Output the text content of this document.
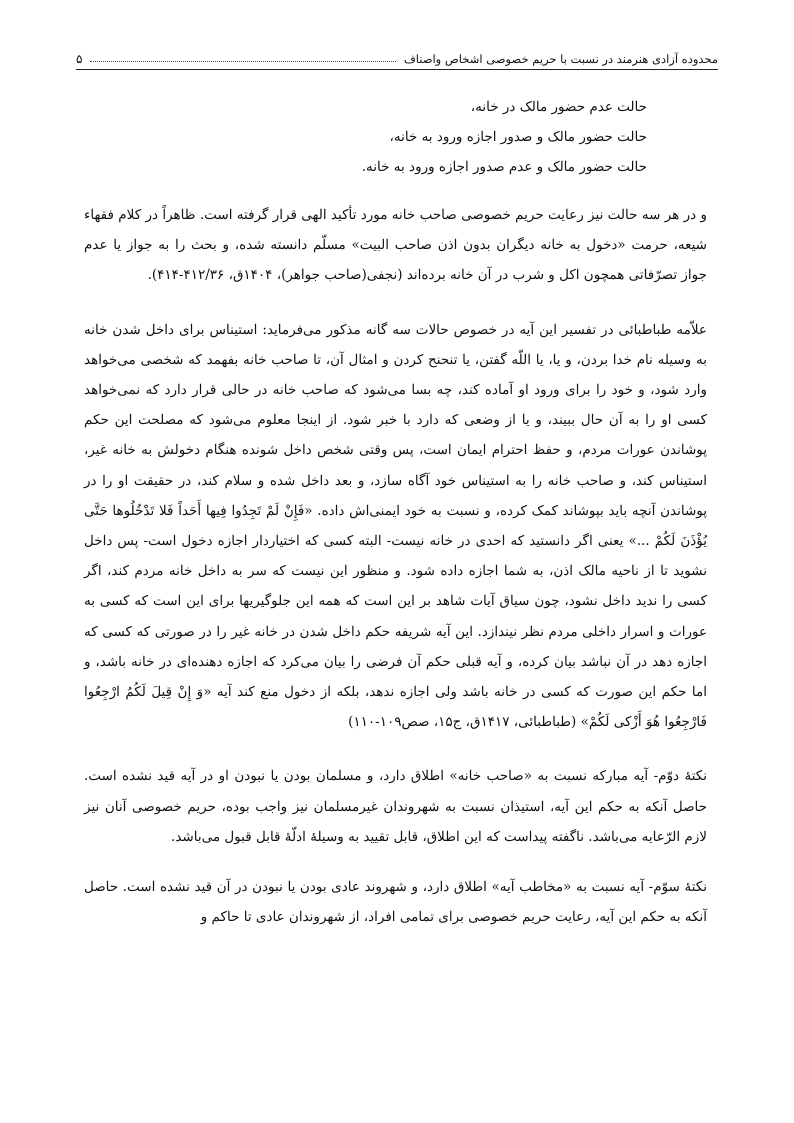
محدوده آزادی هنرمند در نسبت با حریم خصوصی اشخاص واصناف
۵
حالت عدم حضور مالک در خانه،
حالت حضور مالک و صدور اجازه ورود به خانه،
حالت حضور مالک و عدم صدور اجازه ورود به خانه.

و در هر سه حالت نیز رعایت حریم خصوصی صاحب خانه مورد تأکید الهی قرار گرفته است. ظاهراً در کلام فقهاء شیعه، حرمت «دخول به خانه دیگران بدون اذن صاحب البیت» مسلّم دانسته شده، و بحث را به جواز یا عدم جواز تصرّفاتی همچون اکل و شرب در آن خانه برده‌اند (نجفی(صاحب جواهر)، ۱۴۰۴ق، ۴۱۲/۳۶-۴۱۴).

علاّمه طباطبائی در تفسیر این آیه در خصوص حالات سه گانه مذکور می‌فرماید: استیناس برای داخل شدن خانه به وسیله نام خدا بردن، و یا، یا اللّه گفتن، یا تنحنح کردن و امثال آن، تا صاحب خانه بفهمد که شخصی می‌خواهد وارد شود، و خود را برای ورود او آماده کند، چه بسا می‌شود که صاحب خانه در حالی قرار دارد که نمی‌خواهد کسی او را به آن حال ببیند، و یا از وضعی که دارد با خبر شود. از اینجا معلوم می‌شود که مصلحت این حکم پوشاندن عورات مردم، و حفظ احترام ایمان است، پس وقتی شخص داخل شونده هنگام دخولش به خانه غیر، استیناس کند، و صاحب خانه را به استیناس خود آگاه سازد، و بعد داخل شده و سلام کند، در حقیقت او را در پوشاندن آنچه باید بپوشاند کمک کرده، و نسبت به خود ایمنی‌اش داده. «فَإِنْ لَمْ تَجِدُوا فِیها أَحَداً فَلا تَدْخُلُوها حَتَّى یُؤْذَنَ لَكُمْ ...» یعنی اگر دانستید که احدی در خانه نیست- البته کسی که اختیاردار اجازه دخول است- پس داخل نشوید تا از ناحیه مالک اذن، به شما اجازه داده شود. و منظور این نیست که سر به داخل خانه مردم کند، اگر کسی را ندید داخل نشود، چون سیاق آیات شاهد بر این است که همه این جلوگیریها برای این است که کسی به عورات و اسرار داخلی مردم نظر نیندازد. این آیه شریفه حکم داخل شدن در خانه غیر را در صورتی که کسی که اجازه دهد در آن نباشد بیان کرده، و آیه قبلی حکم آن فرضی را بیان می‌کرد که اجازه دهنده‌ای در خانه باشد، و اما حکم این صورت که کسی در خانه باشد ولی اجازه ندهد، بلکه از دخول منع کند آیه «وَ إِنْ قِیلَ لَكُمُ ارْجِعُوا فَارْجِعُوا هُوَ أَزْكى لَكُمْ» (طباطبائی، ۱۴۱۷ق، ج۱۵، صص۱۰۹-۱۱۰)

نکتۀ دوّم- آیه مبارکه نسبت به «صاحب خانه» اطلاق دارد، و مسلمان بودن یا نبودن او در آیه قید نشده است. حاصل آنکه به حکم این آیه، استیذان نسبت به شهروندان غیرمسلمان نیز واجب بوده، حریم خصوصی آنان نیز لازم الرّعایه می‌باشد. ناگفته پیداست که این اطلاق، قابل تقیید به وسیلۀ ادلّۀ قابل قبول می‌باشد.

نکتۀ سوّم- آیه نسبت به «مخاطب آیه» اطلاق دارد، و شهروند عادی بودن یا نبودن در آن قید نشده است. حاصل آنکه به حکم این آیه، رعایت حریم خصوصی برای تمامی افراد، از شهروندان عادی تا حاکم و
